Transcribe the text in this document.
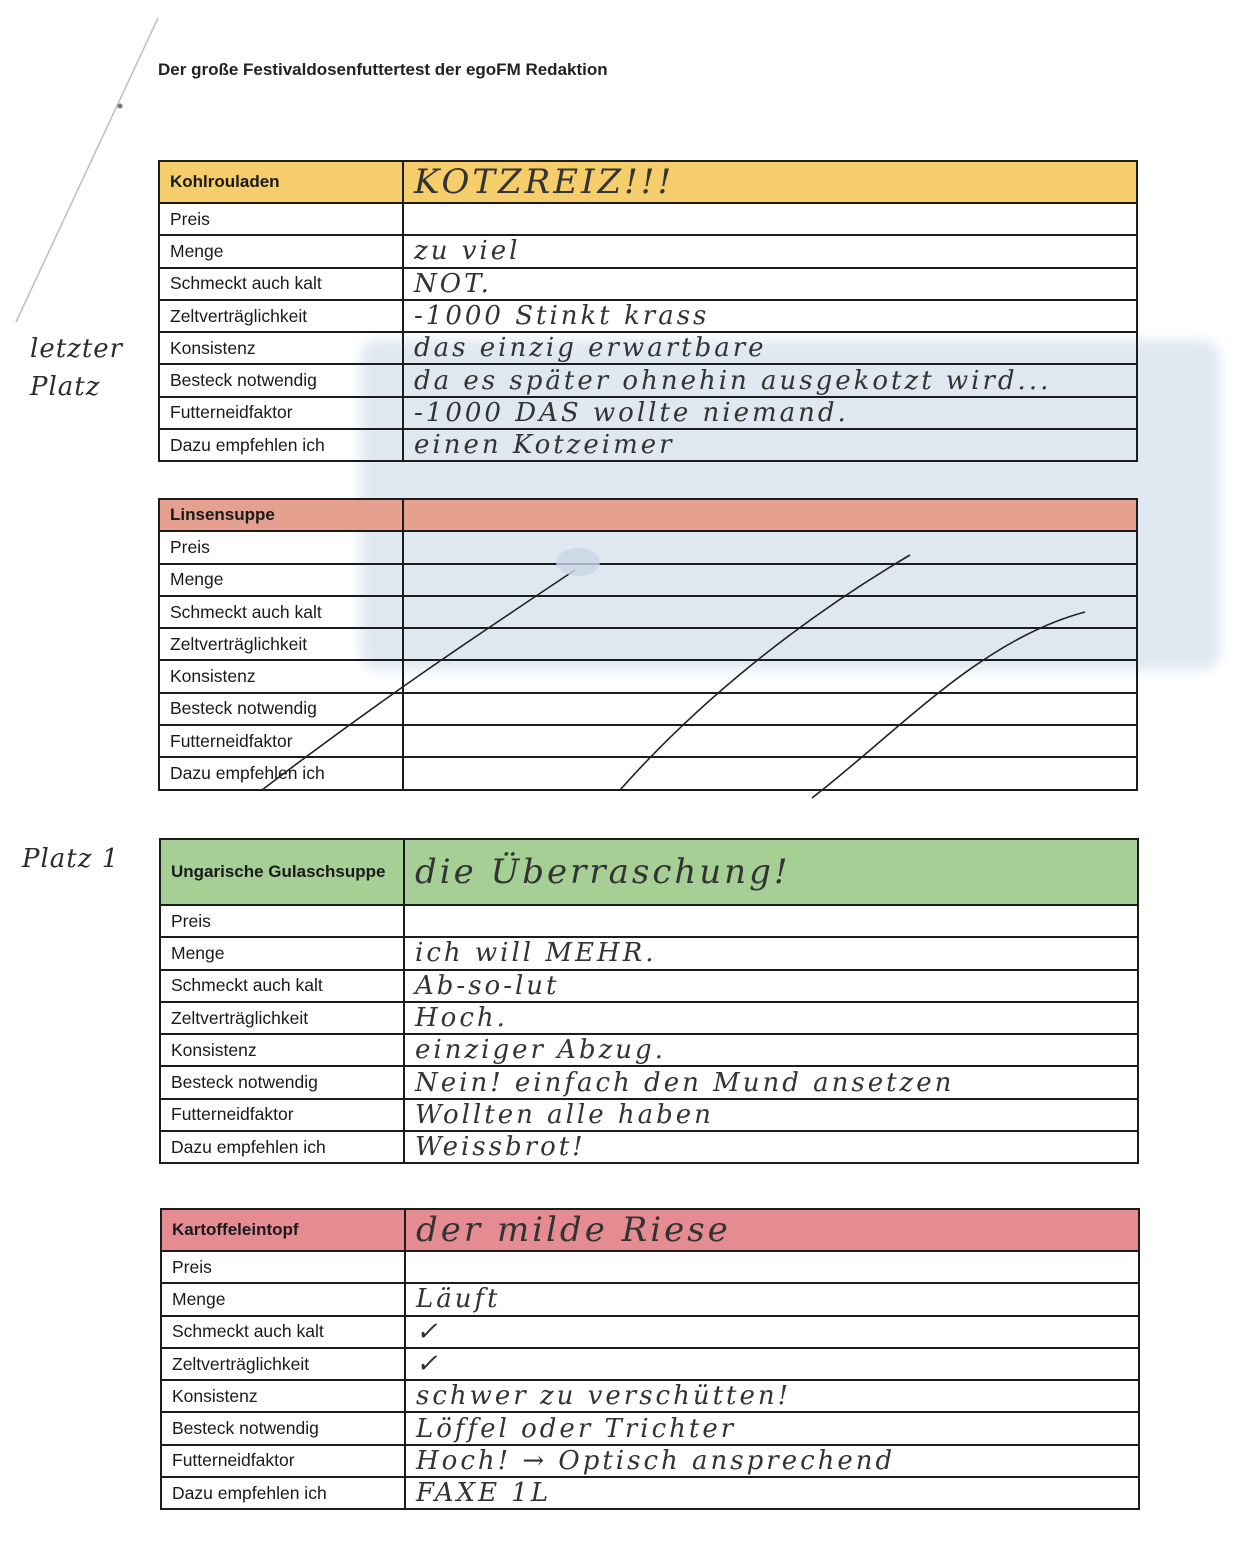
Der große Festivaldosenfuttertest der egoFM Redaktion
letzter Platz
Platz 1
Kohlrouladen	KOTZREIZ!!!
Preis	
Menge	zu viel
Schmeckt auch kalt	NOT.
Zeltverträglichkeit	-1000 Stinkt krass
Konsistenz	das einzig erwartbare
Besteck notwendig	da es später ohnehin ausgekotzt wird...
Futterneidfaktor	-1000 DAS wollte niemand.
Dazu empfehlen ich	einen Kotzeimer
Linsensuppe	
Preis	
Menge	
Schmeckt auch kalt	
Zeltverträglichkeit	
Konsistenz	
Besteck notwendig	
Futterneidfaktor	
Dazu empfehlen ich	
Ungarische Gulaschsuppe	die Überraschung!
Preis	
Menge	ich will MEHR.
Schmeckt auch kalt	Ab-so-lut
Zeltverträglichkeit	Hoch.
Konsistenz	einziger Abzug.
Besteck notwendig	Nein! einfach den Mund ansetzen
Futterneidfaktor	Wollten alle haben
Dazu empfehlen ich	Weissbrot!
Kartoffeleintopf	der milde Riese
Preis	
Menge	Läuft
Schmeckt auch kalt	✓
Zeltverträglichkeit	✓
Konsistenz	schwer zu verschütten!
Besteck notwendig	Löffel oder Trichter
Futterneidfaktor	Hoch! → Optisch ansprechend
Dazu empfehlen ich	FAXE 1L
